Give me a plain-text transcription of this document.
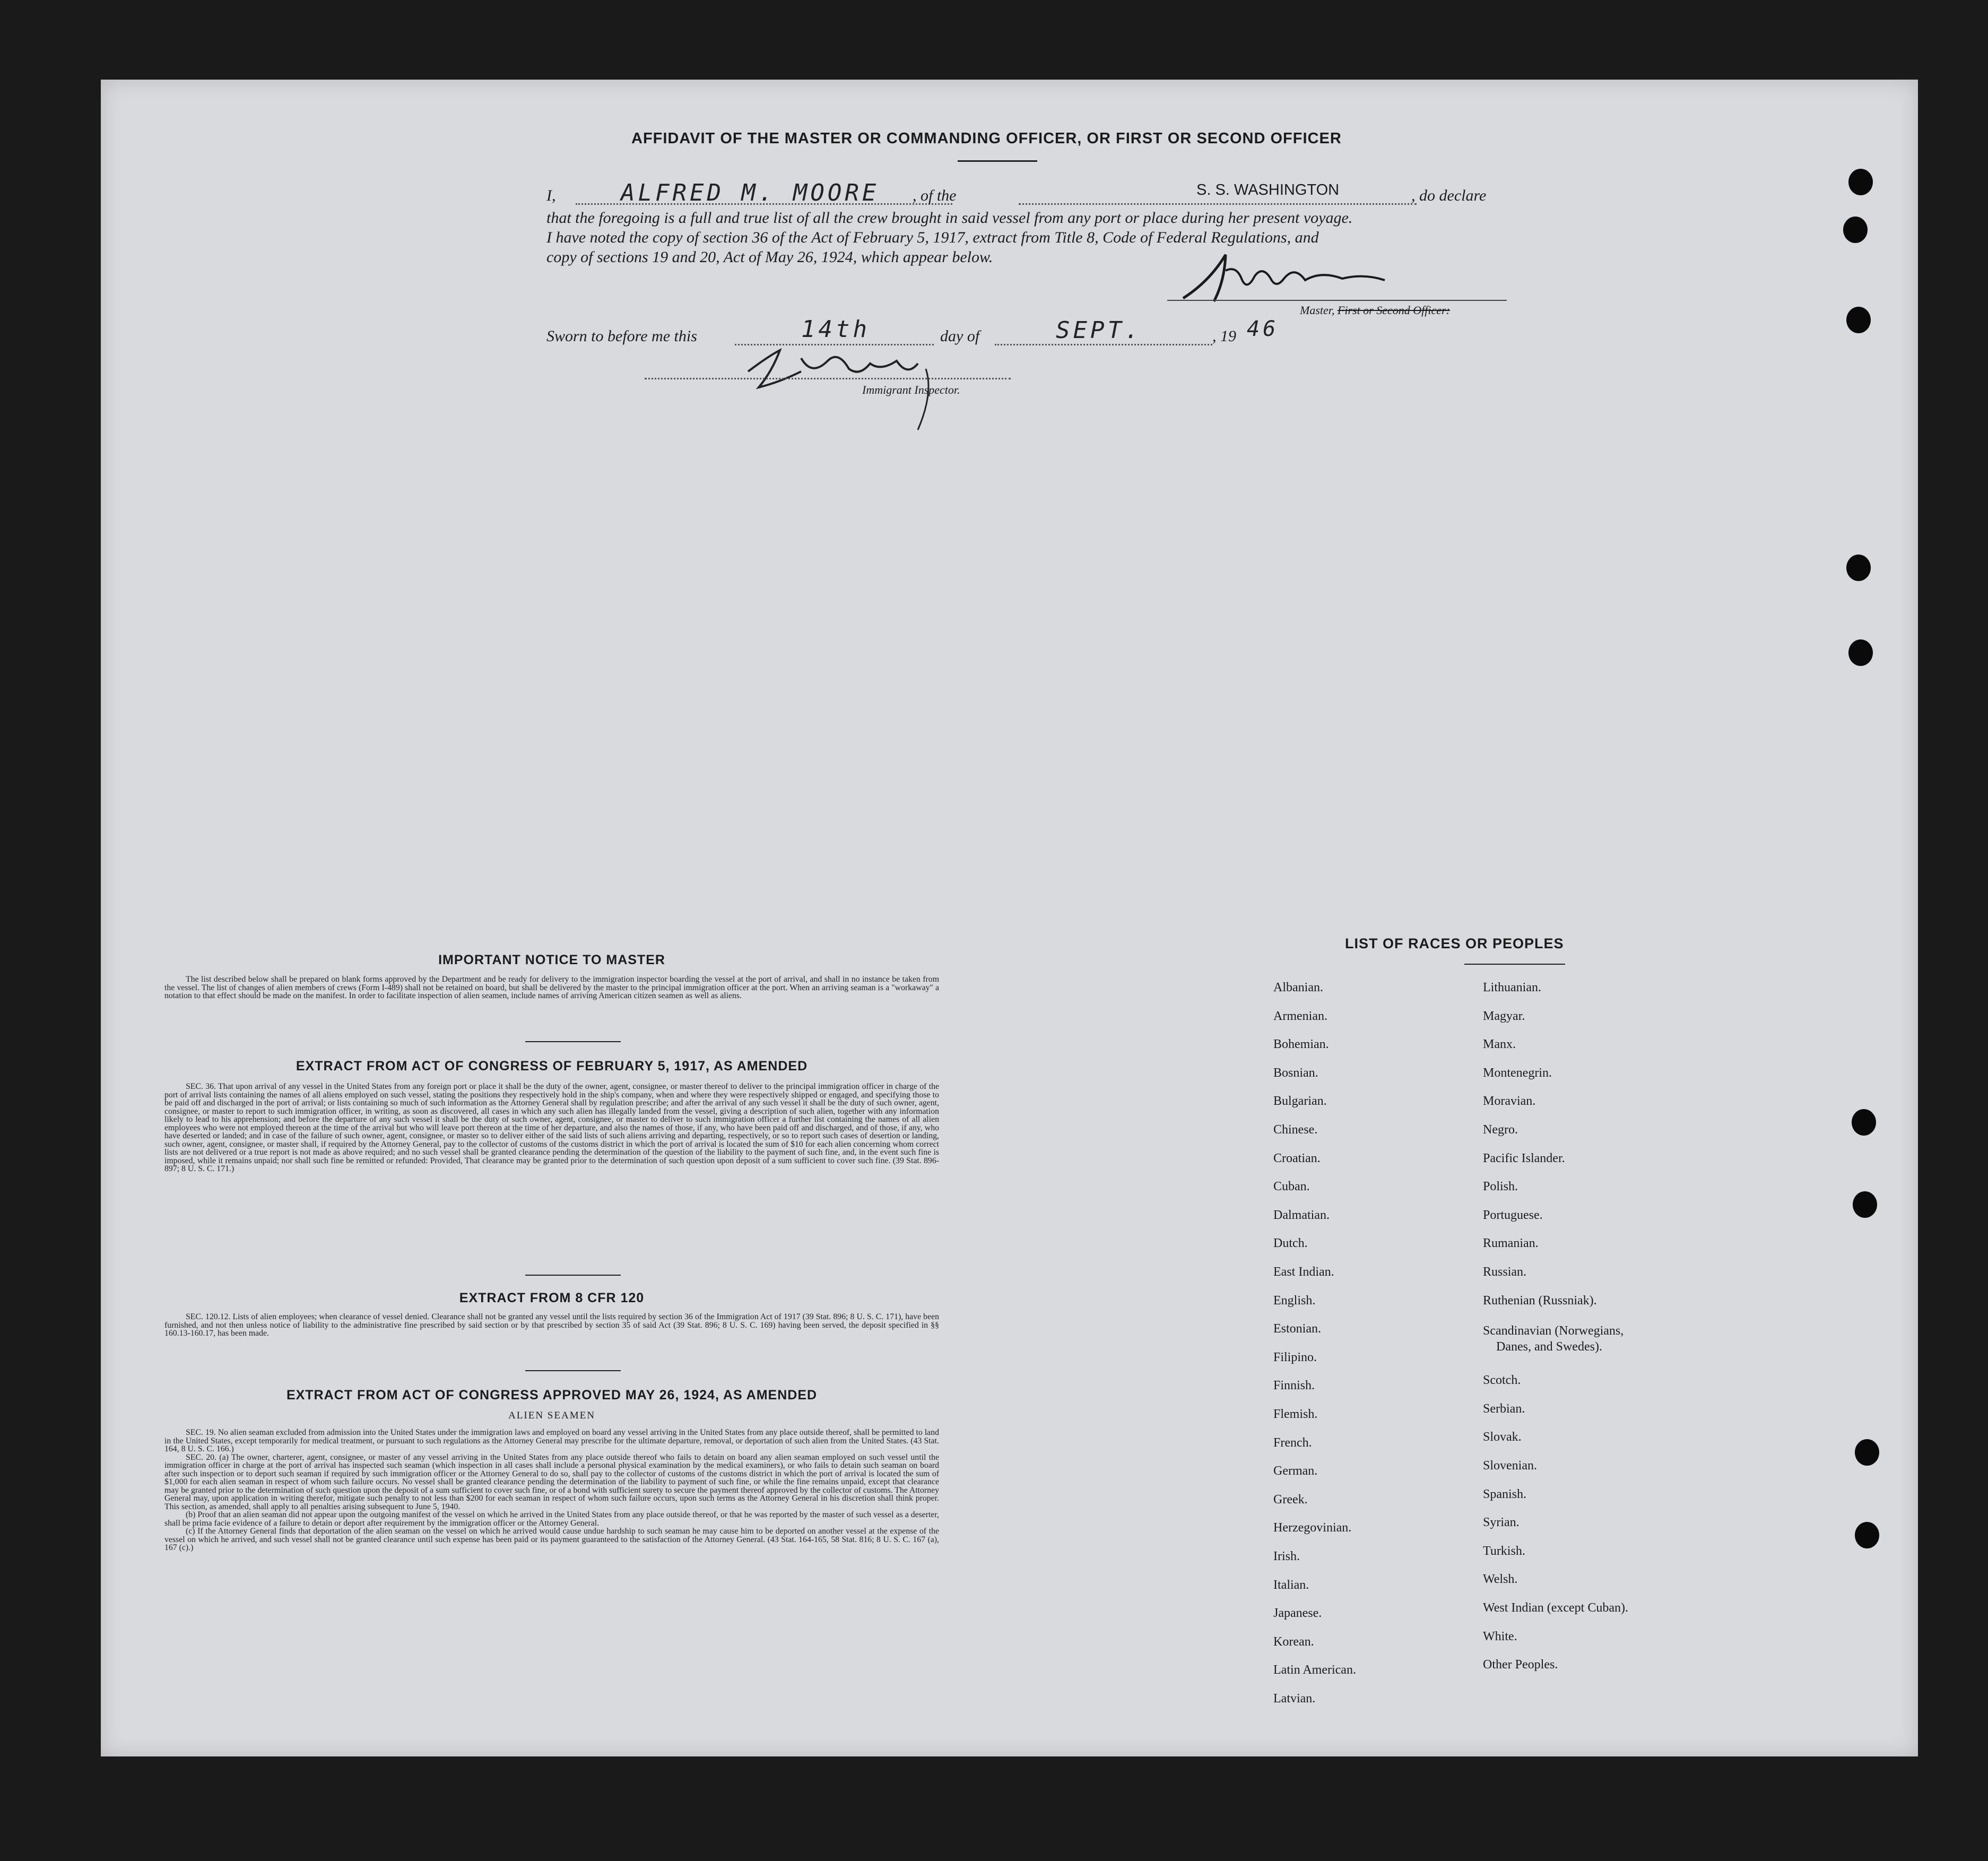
AFFIDAVIT OF THE MASTER OR COMMANDING OFFICER, OR FIRST OR SECOND OFFICER
I,	ALFRED M. MOORE , of the	S. S. WASHINGTON	, do declare
that the foregoing is a full and true list of all the crew brought in said vessel from any port or place during her present voyage.
I have noted the copy of section 36 of the Act of February 5, 1917, extract from Title 8, Code of Federal Regulations, and
copy of sections 19 and 20, Act of May 26, 1924, which appear below.
Master, First or Second Officer:
Sworn to before me this	14th	day of	SEPT.	, 19 46
Immigrant Inspector.
IMPORTANT NOTICE TO MASTER

The list described below shall be prepared on blank forms approved by the Department and be ready for delivery to the immigration inspector boarding the vessel at the port of arrival, and shall in no instance be taken from the vessel. The list of changes of alien members of crews (Form I-489) shall not be retained on board, but shall be delivered by the master to the principal immigration officer at the port. When an arriving seaman is a "workaway" a notation to that effect should be made on the manifest. In order to facilitate inspection of alien seamen, include names of arriving American citizen seamen as well as aliens.

EXTRACT FROM ACT OF CONGRESS OF FEBRUARY 5, 1917, AS AMENDED

SEC. 36. That upon arrival of any vessel in the United States from any foreign port or place it shall be the duty of the owner, agent, consignee, or master thereof to deliver to the principal immigration officer in charge of the port of arrival lists containing the names of all aliens employed on such vessel, stating the positions they respectively hold in the ship's company, when and where they were respectively shipped or engaged, and specifying those to be paid off and discharged in the port of arrival; or lists containing so much of such information as the Attorney General shall by regulation prescribe; and after the arrival of any such vessel it shall be the duty of such owner, agent, consignee, or master to report to such immigration officer, in writing, as soon as discovered, all cases in which any such alien has illegally landed from the vessel, giving a description of such alien, together with any information likely to lead to his apprehension; and before the departure of any such vessel it shall be the duty of such owner, agent, consignee, or master to deliver to such immigration officer a further list containing the names of all alien employees who were not employed thereon at the time of the arrival but who will leave port thereon at the time of her departure, and also the names of those, if any, who have been paid off and discharged, and of those, if any, who have deserted or landed; and in case of the failure of such owner, agent, consignee, or master so to deliver either of the said lists of such aliens arriving and departing, respectively, or so to report such cases of desertion or landing, such owner, agent, consignee, or master shall, if required by the Attorney General, pay to the collector of customs of the customs district in which the port of arrival is located the sum of $10 for each alien concerning whom correct lists are not delivered or a true report is not made as above required; and no such vessel shall be granted clearance pending the determination of the question of the liability to the payment of such fine, and, in the event such fine is imposed, while it remains unpaid; nor shall such fine be remitted or refunded: Provided, That clearance may be granted prior to the determination of such question upon deposit of a sum sufficient to cover such fine. (39 Stat. 896-897; 8 U. S. C. 171.)

EXTRACT FROM 8 CFR 120

SEC. 120.12. Lists of alien employees; when clearance of vessel denied. Clearance shall not be granted any vessel until the lists required by section 36 of the Immigration Act of 1917 (39 Stat. 896; 8 U. S. C. 171), have been furnished, and not then unless notice of liability to the administrative fine prescribed by said section or by that prescribed by section 35 of said Act (39 Stat. 896; 8 U. S. C. 169) having been served, the deposit specified in §§ 160.13-160.17, has been made.

EXTRACT FROM ACT OF CONGRESS APPROVED MAY 26, 1924, AS AMENDED
ALIEN SEAMEN

SEC. 19. No alien seaman excluded from admission into the United States under the immigration laws and employed on board any vessel arriving in the United States from any place outside thereof, shall be permitted to land in the United States, except temporarily for medical treatment, or pursuant to such regulations as the Attorney General may prescribe for the ultimate departure, removal, or deportation of such alien from the United States. (43 Stat. 164, 8 U. S. C. 166.)

SEC. 20. (a) The owner, charterer, agent, consignee, or master of any vessel arriving in the United States from any place outside thereof who fails to detain on board any alien seaman employed on such vessel until the immigration officer in charge at the port of arrival has inspected such seaman (which inspection in all cases shall include a personal physical examination by the medical examiners), or who fails to detain such seaman on board after such inspection or to deport such seaman if required by such immigration officer or the Attorney General to do so, shall pay to the collector of customs of the customs district in which the port of arrival is located the sum of $1,000 for each alien seaman in respect of whom such failure occurs. No vessel shall be granted clearance pending the determination of the liability to payment of such fine, or while the fine remains unpaid, except that clearance may be granted prior to the determination of such question upon the deposit of a sum sufficient to cover such fine, or of a bond with sufficient surety to secure the payment thereof approved by the collector of customs. The Attorney General may, upon application in writing therefor, mitigate such penalty to not less than $200 for each seaman in respect of whom such failure occurs, upon such terms as the Attorney General in his discretion shall think proper. This section, as amended, shall apply to all penalties arising subsequent to June 5, 1940.

(b) Proof that an alien seaman did not appear upon the outgoing manifest of the vessel on which he arrived in the United States from any place outside thereof, or that he was reported by the master of such vessel as a deserter, shall be prima facie evidence of a failure to detain or deport after requirement by the immigration officer or the Attorney General.

(c) If the Attorney General finds that deportation of the alien seaman on the vessel on which he arrived would cause undue hardship to such seaman he may cause him to be deported on another vessel at the expense of the vessel on which he arrived, and such vessel shall not be granted clearance until such expense has been paid or its payment guaranteed to the satisfaction of the Attorney General. (43 Stat. 164-165, 58 Stat. 816; 8 U. S. C. 167 (a), 167 (c).)

LIST OF RACES OR PEOPLES
Albanian.
Armenian.
Bohemian.
Bosnian.
Bulgarian.
Chinese.
Croatian.
Cuban.
Dalmatian.
Dutch.
East Indian.
English.
Estonian.
Filipino.
Finnish.
Flemish.
French.
German.
Greek.
Herzegovinian.
Irish.
Italian.
Japanese.
Korean.
Latin American.
Latvian.
Lithuanian.
Magyar.
Manx.
Montenegrin.
Moravian.
Negro.
Pacific Islander.
Polish.
Portuguese.
Rumanian.
Russian.
Ruthenian (Russniak).
Scandinavian (Norwegians,
Danes, and Swedes).
Scotch.
Serbian.
Slovak.
Slovenian.
Spanish.
Syrian.
Turkish.
Welsh.
West Indian (except Cuban).
White.
Other Peoples.
